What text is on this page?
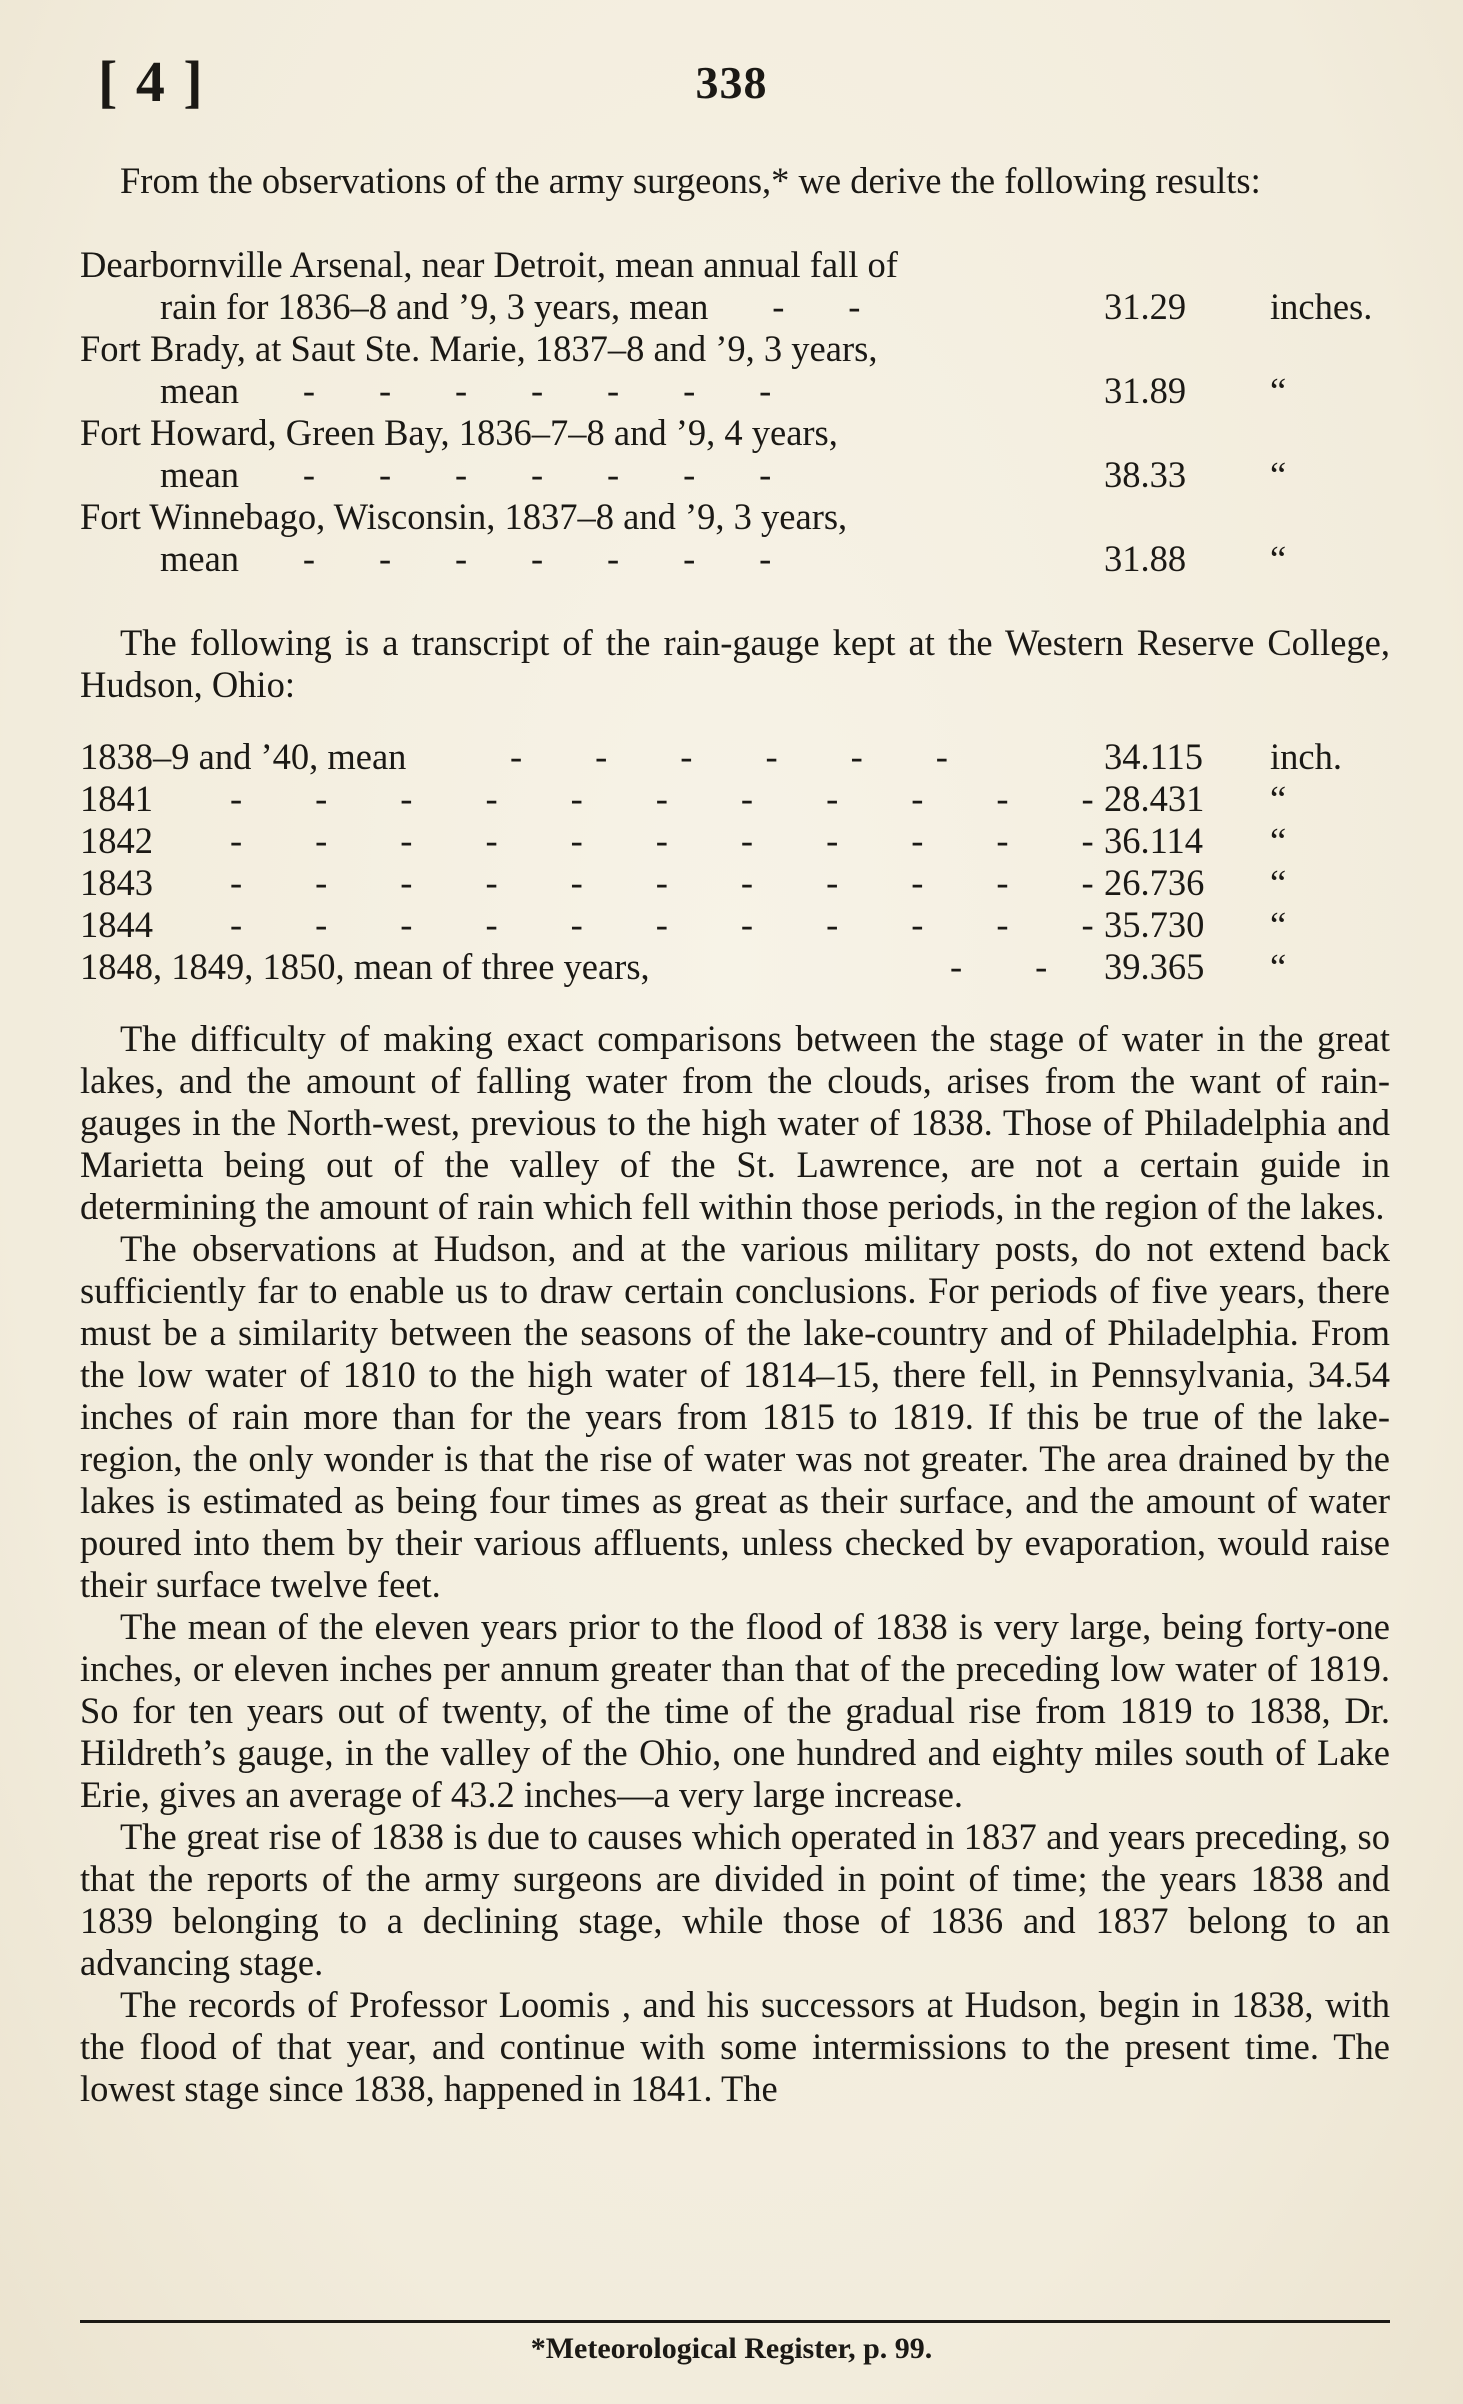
[ 4 ]	338

From the observations of the army surgeons,* we derive the following results:

Dearbornville Arsenal, near Detroit, mean annual fall of
rain for 1836–8 and ’9, 3 years, mean       -       -	31.29 inches.
Fort Brady, at Saut Ste. Marie, 1837–8 and ’9, 3 years,
mean       -       -       -       -       -       -       -	31.89 “
Fort Howard, Green Bay, 1836–7–8 and ’9, 4 years,
mean       -       -       -       -       -       -       -	38.33 “
Fort Winnebago, Wisconsin, 1837–8 and ’9, 3 years,
mean       -       -       -       -       -       -       -	31.88 “

The following is a transcript of the rain-gauge kept at the Western Reserve College, Hudson, Ohio:

1838–9 and ’40, mean	-        -        -        -        -        -	34.115 inch.
1841 -        -        -        -        -        -        -        -        -        -        - 28.431 “
1842 -        -        -        -        -        -        -        -        -        -        - 36.114 “
1843 -        -        -        -        -        -        -        -        -        -        - 26.736 “
1844 -        -        -        -        -        -        -        -        -        -        - 35.730 “
1848, 1849, 1850, mean of three years,	-        - 39.365 “

The difficulty of making exact comparisons between the stage of water in the great lakes, and the amount of falling water from the clouds, arises from the want of rain-gauges in the North-west, previous to the high water of 1838. Those of Philadelphia and Marietta being out of the valley of the St. Lawrence, are not a certain guide in determining the amount of rain which fell within those periods, in the region of the lakes.

The observations at Hudson, and at the various military posts, do not extend back sufficiently far to enable us to draw certain conclusions. For periods of five years, there must be a similarity between the seasons of the lake-country and of Philadelphia. From the low water of 1810 to the high water of 1814–15, there fell, in Pennsylvania, 34.54 inches of rain more than for the years from 1815 to 1819. If this be true of the lake-region, the only wonder is that the rise of water was not greater. The area drained by the lakes is estimated as being four times as great as their surface, and the amount of water poured into them by their various affluents, unless checked by evaporation, would raise their surface twelve feet.

The mean of the eleven years prior to the flood of 1838 is very large, being forty-one inches, or eleven inches per annum greater than that of the preceding low water of 1819. So for ten years out of twenty, of the time of the gradual rise from 1819 to 1838, Dr. Hildreth’s gauge, in the valley of the Ohio, one hundred and eighty miles south of Lake Erie, gives an average of 43.2 inches—a very large increase.

The great rise of 1838 is due to causes which operated in 1837 and years preceding, so that the reports of the army surgeons are divided in point of time; the years 1838 and 1839 belonging to a declining stage, while those of 1836 and 1837 belong to an advancing stage.

The records of Professor Loomis , and his successors at Hudson, begin in 1838, with the flood of that year, and continue with some intermissions to the present time. The lowest stage since 1838, happened in 1841. The

*Meteorological Register, p. 99.
